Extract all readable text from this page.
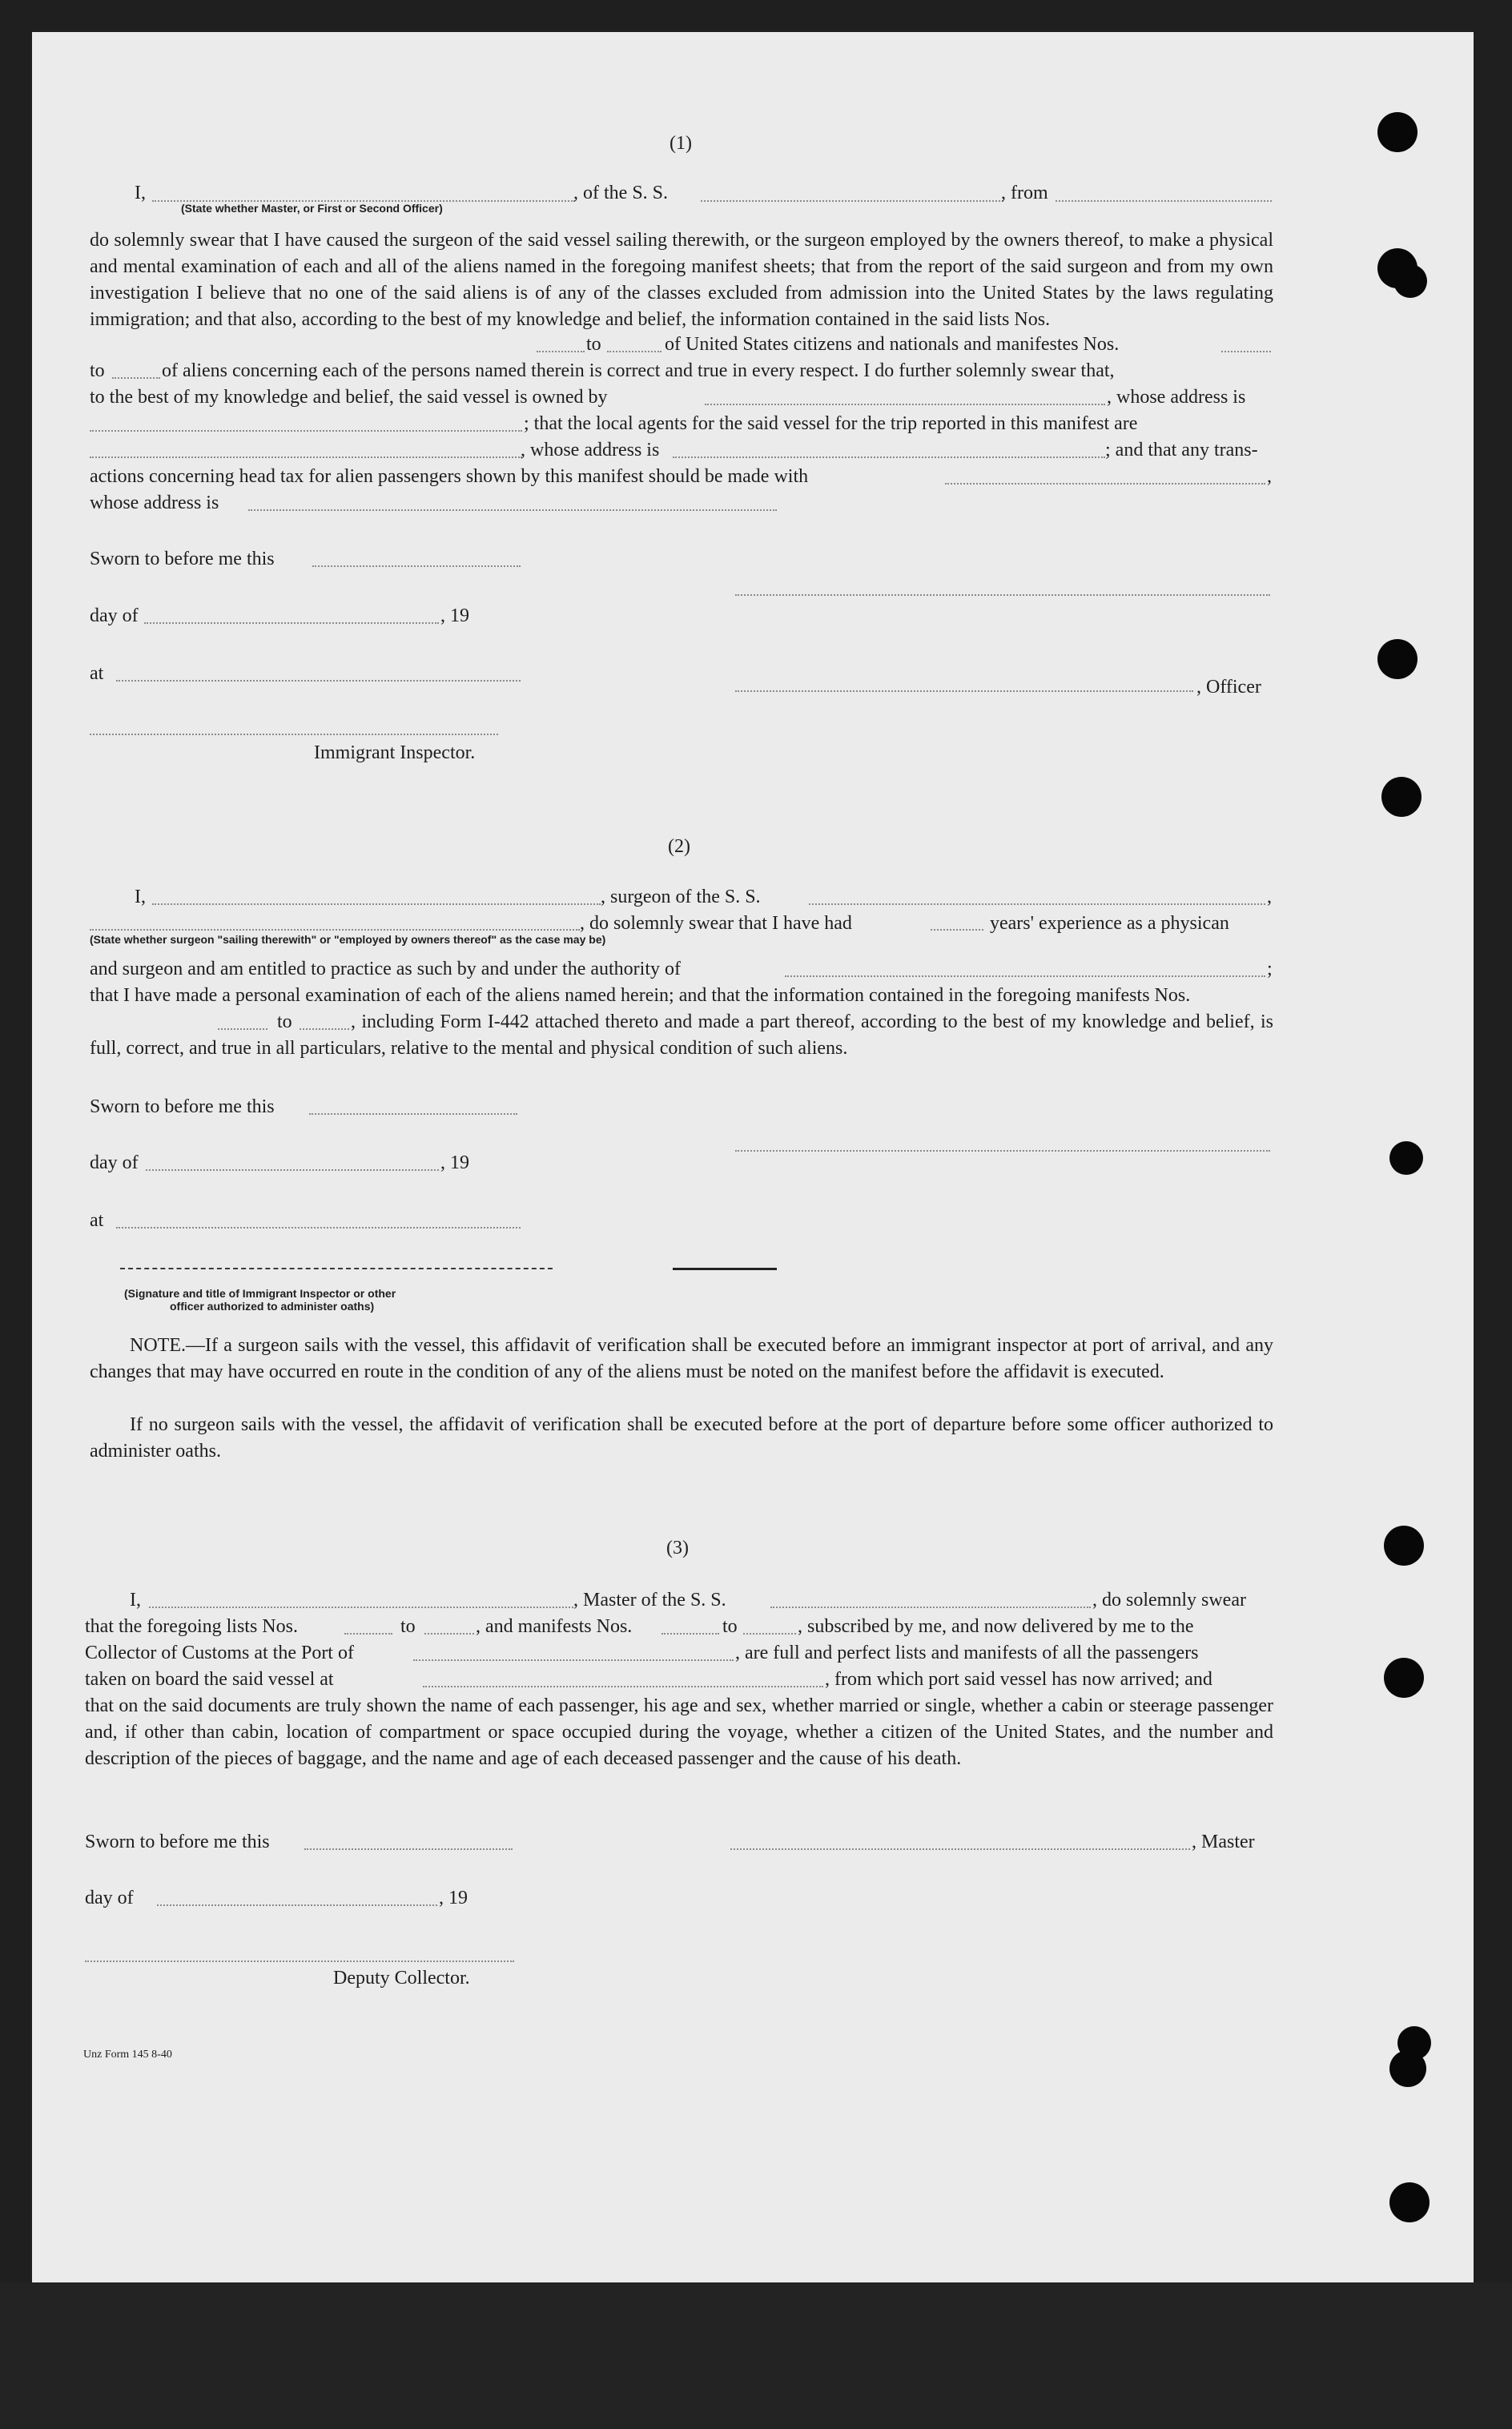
(1)
I,	, of the S. S.	, from
(State whether Master, or First or Second Officer)

do solemnly swear that I have caused the surgeon of the said vessel sailing therewith, or the surgeon employed by the owners thereof, to make a physical and mental examination of each and all of the aliens named in the foregoing manifest sheets; that from the report of the said surgeon and from my own investigation I believe that no one of the said aliens is of any of the classes excluded from admission into the United States by the laws regulating immigration; and that also, according to the best of my knowledge and belief, the information contained in the said lists Nos.

to	of United States citizens and nationals and manifestes Nos.
to	of aliens concerning each of the persons named therein is correct and true in every respect. I do further solemnly swear that,
to the best of my knowledge and belief, the said vessel is owned by	, whose address is
; that the local agents for the said vessel for the trip reported in this manifest are
, whose address is	; and that any trans-
actions concerning head tax for alien passengers shown by this manifest should be made with	,
whose address is
Sworn to before me this
day of	, 19
at
, Officer
Immigrant Inspector.
(2)
I,	, surgeon of the S. S.	,
, do solemnly swear that I have had	years' experience as a physican
(State whether surgeon "sailing therewith" or "employed by owners thereof" as the case may be)
and surgeon and am entitled to practice as such by and under the authority of	;

that I have made a personal examination of each of the aliens named herein; and that the information contained in the foregoing manifests Nos.

to	, including Form I-442 attached thereto and made a part thereof, according to the best of my knowledge and belief, is full, correct, and true in all particulars, relative to the mental and physical condition of such aliens.

Sworn to before me this
day of	, 19
at
(Signature and title of Immigrant Inspector or other
officer authorized to administer oaths)

NOTE.—If a surgeon sails with the vessel, this affidavit of verification shall be executed before an immigrant inspector at port of arrival, and any changes that may have occurred en route in the condition of any of the aliens must be noted on the manifest before the affidavit is executed.

If no surgeon sails with the vessel, the affidavit of verification shall be executed before at the port of departure before some officer authorized to administer oaths.

(3)
I,	, Master of the S. S.	, do solemnly swear
that the foregoing lists Nos.	to	, and manifests Nos.	to	, subscribed by me, and now delivered by me to the
Collector of Customs at the Port of	, are full and perfect lists and manifests of all the passengers
taken on board the said vessel at	, from which port said vessel has now arrived; and

that on the said documents are truly shown the name of each passenger, his age and sex, whether married or single, whether a cabin or steerage passenger and, if other than cabin, location of compartment or space occupied during the voyage, whether a citizen of the United States, and the number and description of the pieces of baggage, and the name and age of each deceased passenger and the cause of his death.

Sworn to before me this	, Master
day of	, 19
Deputy Collector.
Unz Form 145 8-40
